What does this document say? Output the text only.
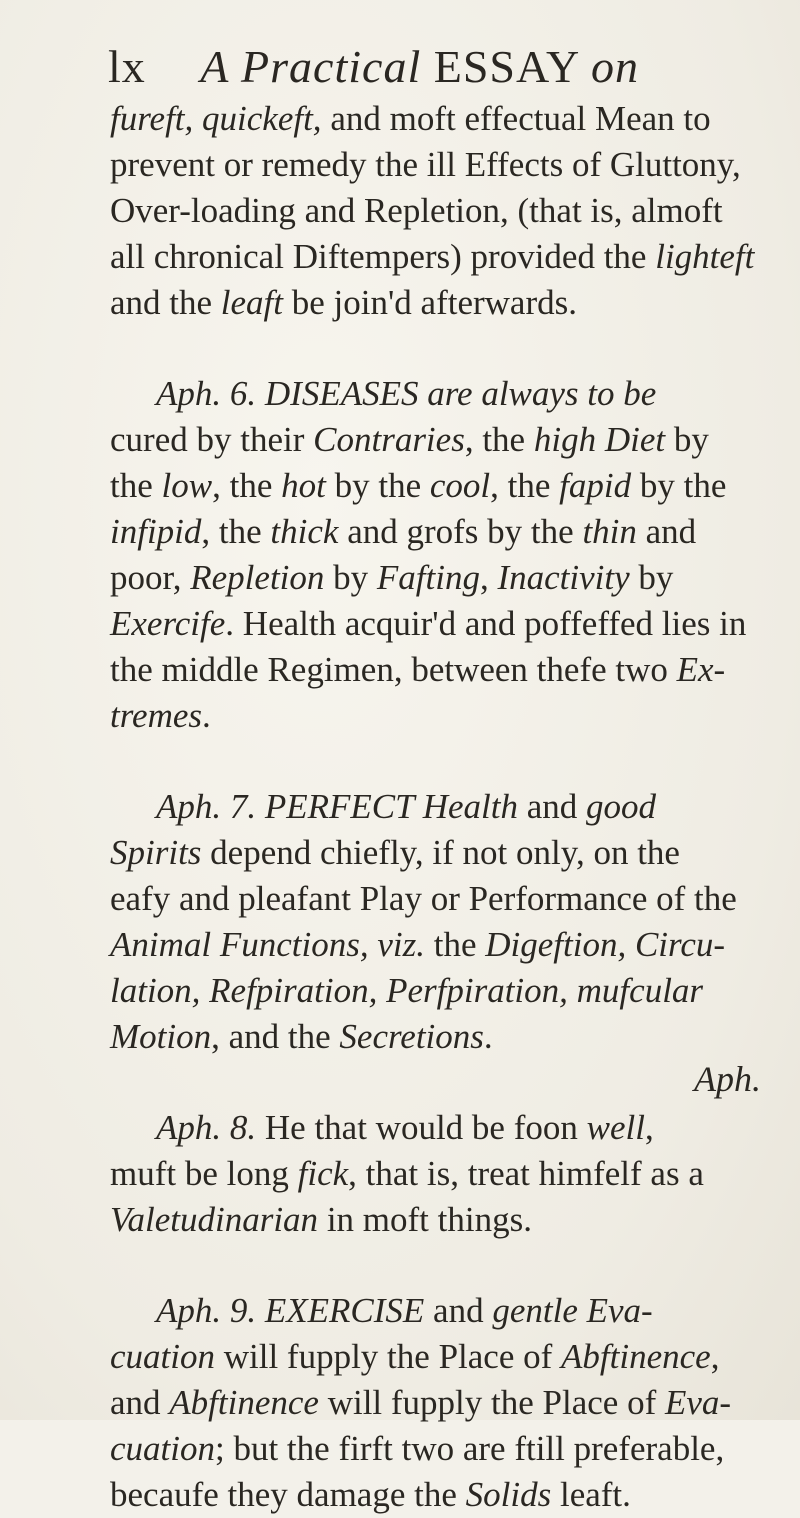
lx A Practical ESSAY on

fureft, quickeft, and moft effectual Mean to
prevent or remedy the ill Effects of Gluttony,
Over-loading and Repletion, (that is, almoft
all chronical Diftempers) provided the lighteft
and the leaft be join'd afterwards.

Aph. 6. DISEASES are always to be
cured by their Contraries, the high Diet by
the low, the hot by the cool, the fapid by the
infipid, the thick and grofs by the thin and
poor, Repletion by Fafting, Inactivity by
Exercife. Health acquir'd and poffeffed lies in
the middle Regimen, between thefe two Ex-
tremes.

Aph. 7. PERFECT Health and good
Spirits depend chiefly, if not only, on the
eafy and pleafant Play or Performance of the
Animal Functions, viz. the Digeftion, Circu-
lation, Refpiration, Perfpiration, mufcular
Motion, and the Secretions.

Aph. 8. He that would be foon well,
muft be long fick, that is, treat himfelf as a
Valetudinarian in moft things.

Aph. 9. EXERCISE and gentle Eva-
cuation will fupply the Place of Abftinence,
and Abftinence will fupply the Place of Eva-
cuation; but the firft two are ftill preferable,
becaufe they damage the Solids leaft.

Aph.
